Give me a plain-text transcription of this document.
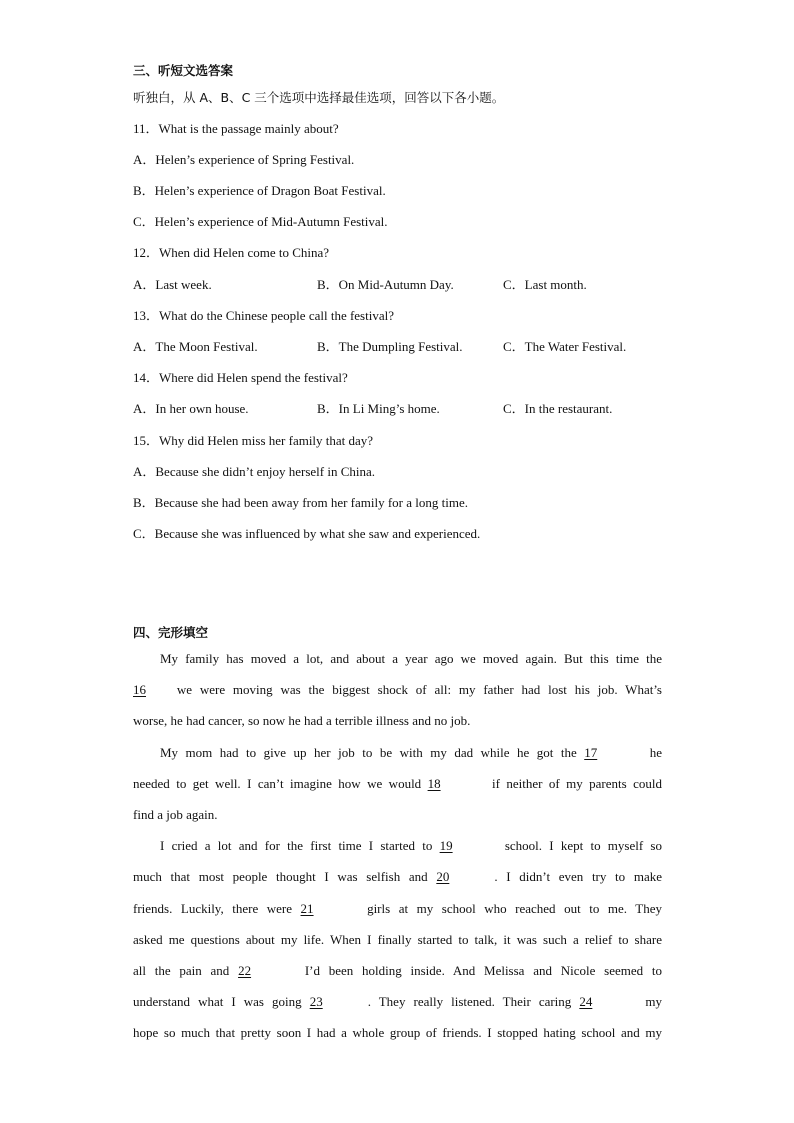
三、听短文选答案
听独白，从 A、B、C 三个选项中选择最佳选项，回答以下各小题。
11．What is the passage mainly about?
A．Helen’s experience of Spring Festival.
B．Helen’s experience of Dragon Boat Festival.
C．Helen’s experience of Mid-Autumn Festival.
12．When did Helen come to China?
A．Last week.	B．On Mid-Autumn Day.	C．Last month.
13．What do the Chinese people call the festival?
A．The Moon Festival.	B．The Dumpling Festival.	C．The Water Festival.
14．Where did Helen spend the festival?
A．In her own house.	B．In Li Ming’s home.	C．In the restaurant.
15．Why did Helen miss her family that day?
A．Because she didn’t enjoy herself in China.
B．Because she had been away from her family for a long time.
C．Because she was influenced by what she saw and experienced.
四、完形填空
My family has moved a lot, and about a year ago we moved again. But this time the
16 we were moving was the biggest shock of all: my father had lost his job. What’s
worse, he had cancer, so now he had a terrible illness and no job.
My mom had to give up her job to be with my dad while he got the 17	he
needed to get well. I can’t imagine how we would 18	if neither of my parents could
find a job again.
I cried a lot and for the first time I started to 19	school. I kept to myself so
much that most people thought I was selfish and 20	. I didn’t even try to make
friends. Luckily, there were 21	girls at my school who reached out to me. They
asked me questions about my life. When I finally started to talk, it was such a relief to share
all the pain and 22	I’d been holding inside. And Melissa and Nicole seemed to
understand what I was going 23	. They really listened. Their caring 24	my
hope so much that pretty soon I had a whole group of friends. I stopped hating school and my
